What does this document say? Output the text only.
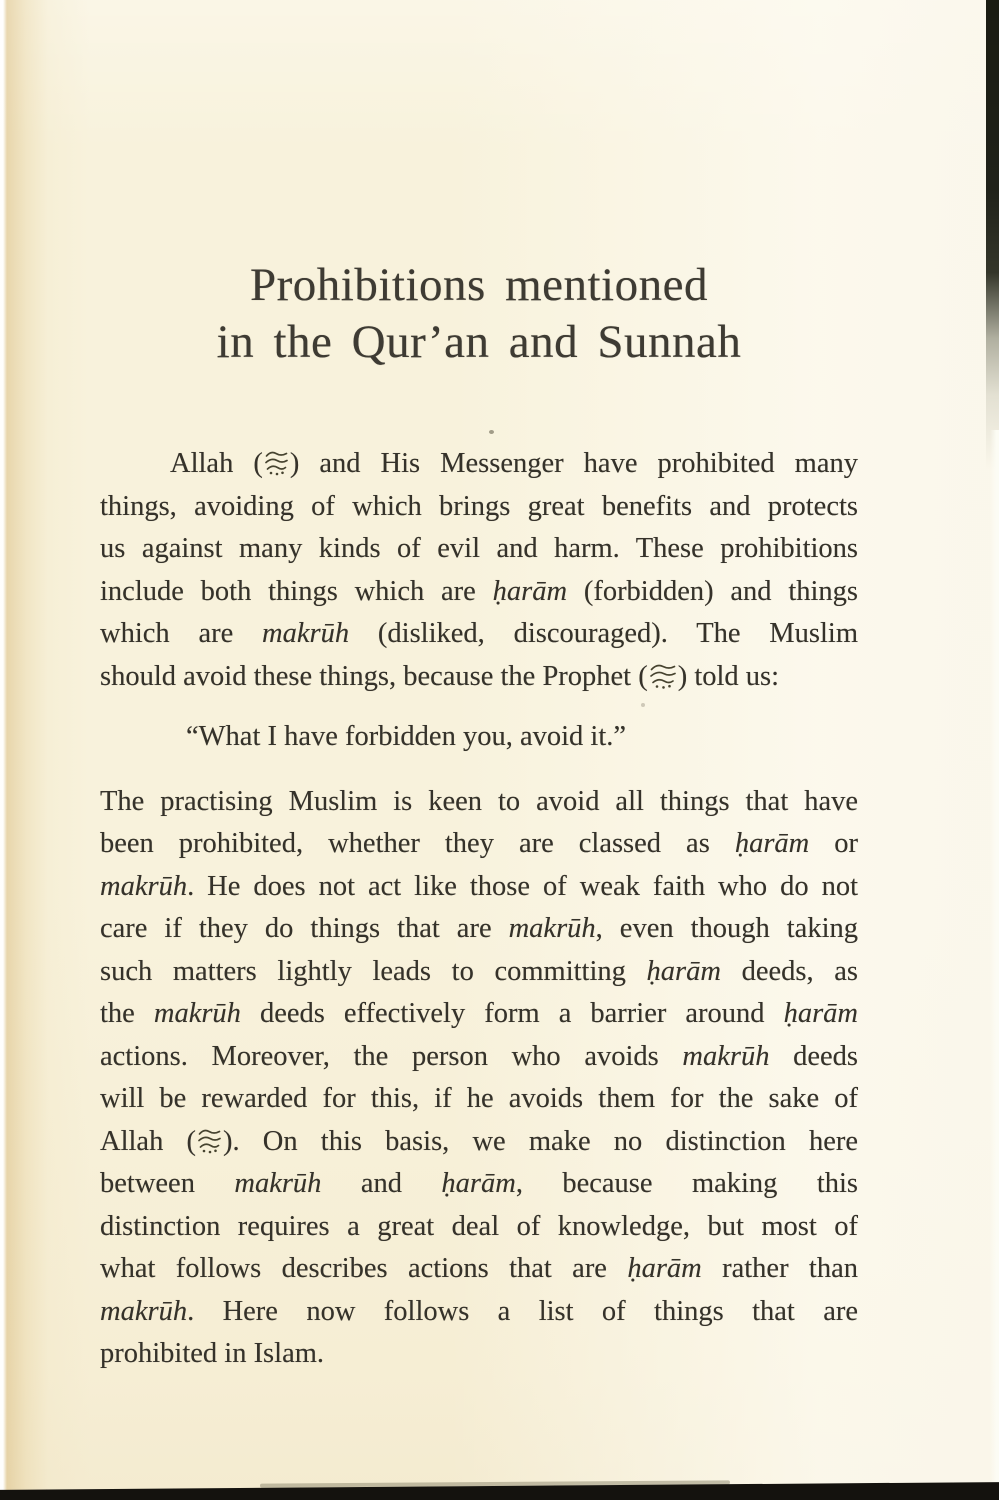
Prohibitions mentioned
in the Qur’an and Sunnah
Allah ( ) and His Messenger have prohibited many
things, avoiding of which brings great benefits and protects
us against many kinds of evil and harm. These prohibitions
include both things which are ḥarām (forbidden) and things
which are makrūh (disliked, discouraged). The Muslim
should avoid these things, because the Prophet ( ) told us:
“What I have forbidden you, avoid it.”
The practising Muslim is keen to avoid all things that have
been prohibited, whether they are classed as ḥarām or
makrūh. He does not act like those of weak faith who do not
care if they do things that are makrūh, even though taking
such matters lightly leads to committing ḥarām deeds, as
the makrūh deeds effectively form a barrier around ḥarām
actions. Moreover, the person who avoids makrūh deeds
will be rewarded for this, if he avoids them for the sake of
Allah ( ). On this basis, we make no distinction here
between makrūh and ḥarām, because making this
distinction requires a great deal of knowledge, but most of
what follows describes actions that are ḥarām rather than
makrūh. Here now follows a list of things that are
prohibited in Islam.
